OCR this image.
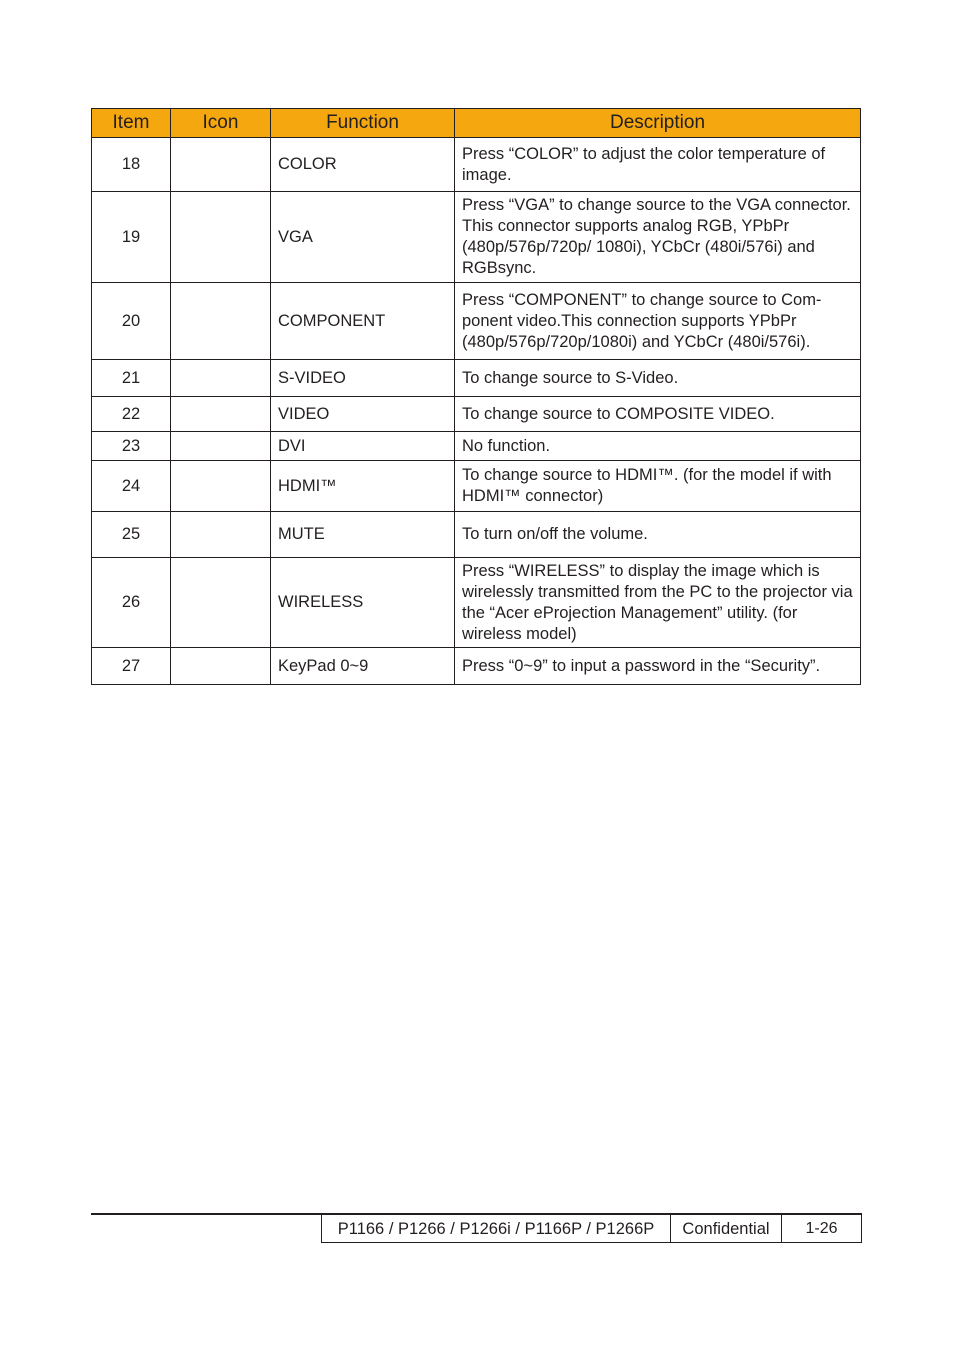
Item	Icon	Function	Description
18		COLOR	Press “COLOR” to adjust the color temperature of image.
19		VGA	Press “VGA” to change source to the VGA connector. This connector supports analog RGB, YPbPr (480p/576p/720p/ 1080i), YCbCr (480i/576i) and RGBsync.
20		COMPONENT	Press “COMPONENT” to change source to Com-ponent video.This connection supports YPbPr (480p/576p/720p/1080i) and YCbCr (480i/576i).
21		S-VIDEO	To change source to S-Video.
22		VIDEO	To change source to COMPOSITE VIDEO.
23		DVI	No function.
24		HDMI™	To change source to HDMI™. (for the model if with HDMI™ connector)
25		MUTE	To turn on/off the volume.
26		WIRELESS	Press “WIRELESS” to display the image which is wirelessly transmitted from the PC to the projector via the “Acer eProjection Management” utility. (for wireless model)
27		KeyPad 0~9	Press “0~9” to input a password in the “Security”.
P1166 / P1266 / P1266i / P1166P / P1266P	Confidential	1-26
